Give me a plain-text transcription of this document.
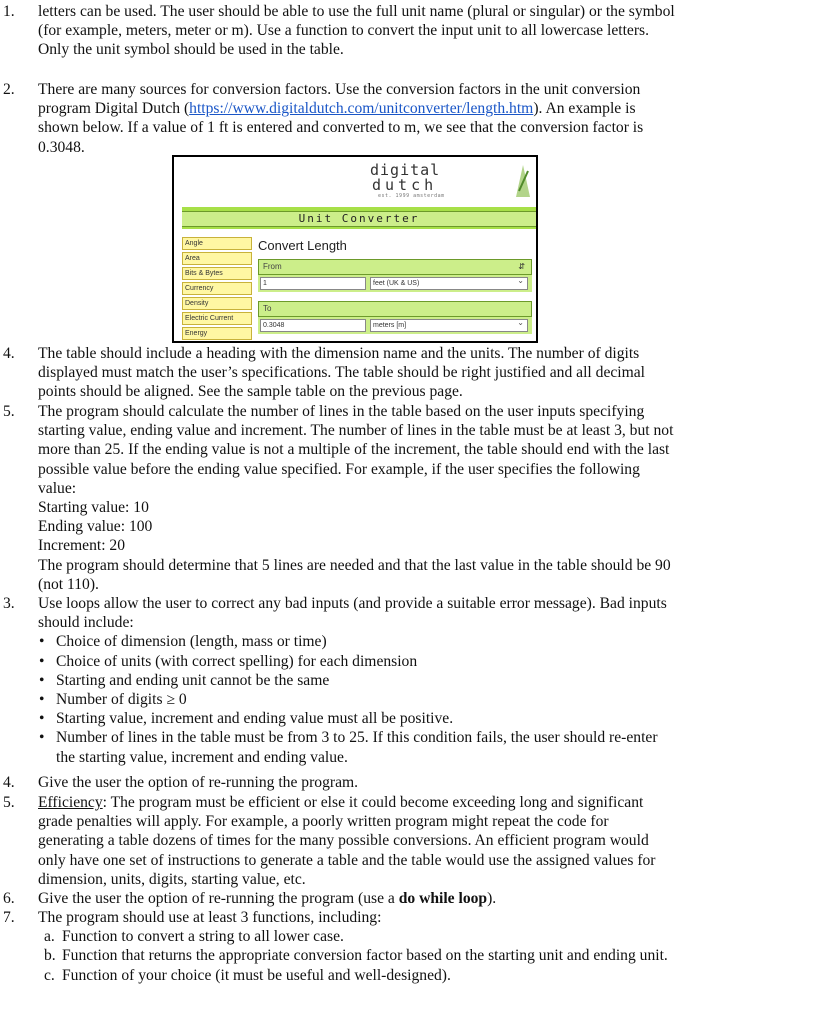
1. letters can be used. The user should be able to use the full unit name (plural or singular) or the symbol (for example, meters, meter or m). Use a function to convert the input unit to all lowercase letters. Only the unit symbol should be used in the table.

2. There are many sources for conversion factors. Use the conversion factors in the unit conversion program Digital Dutch (https://www.digitaldutch.com/unitconverter/length.htm). An example is shown below. If a value of 1 ft is entered and converted to m, we see that the conversion factor is 0.3048.

digital
dutch
est. 1999 amsterdam
Unit Converter
Angle
Area
Bits & Bytes
Currency
Density
Electric Current
Energy
Convert Length
From	⇵
1	feet (UK & US) ⌄
To
0.3048	meters [m] ⌄
4. The table should include a heading with the dimension name and the units. The number of digits displayed must match the user’s specifications. The table should be right justified and all decimal points should be aligned. See the sample table on the previous page.

5. The program should calculate the number of lines in the table based on the user inputs specifying starting value, ending value and increment. The number of lines in the table must be at least 3, but not more than 25. If the ending value is not a multiple of the increment, the table should end with the last possible value before the ending value specified. For example, if the user specifies the following value:

Starting value: 10

Ending value: 100

Increment: 20

The program should determine that 5 lines are needed and that the last value in the table should be 90 (not 110).

3. Use loops allow the user to correct any bad inputs (and provide a suitable error message). Bad inputs should include:

• Choice of dimension (length, mass or time)
• Choice of units (with correct spelling) for each dimension
• Starting and ending unit cannot be the same
• Number of digits ≥ 0
• Starting value, increment and ending value must all be positive.
• Number of lines in the table must be from 3 to 25. If this condition fails, the user should re-enter the starting value, increment and ending value.
4. Give the user the option of re-running the program.

5. Efficiency: The program must be efficient or else it could become exceeding long and significant grade penalties will apply. For example, a poorly written program might repeat the code for generating a table dozens of times for the many possible conversions. An efficient program would only have one set of instructions to generate a table and the table would use the assigned values for dimension, units, digits, starting value, etc.

6. Give the user the option of re-running the program (use a do while loop).

7. The program should use at least 3 functions, including:

a. Function to convert a string to all lower case.
b. Function that returns the appropriate conversion factor based on the starting unit and ending unit.
c. Function of your choice (it must be useful and well-designed).
